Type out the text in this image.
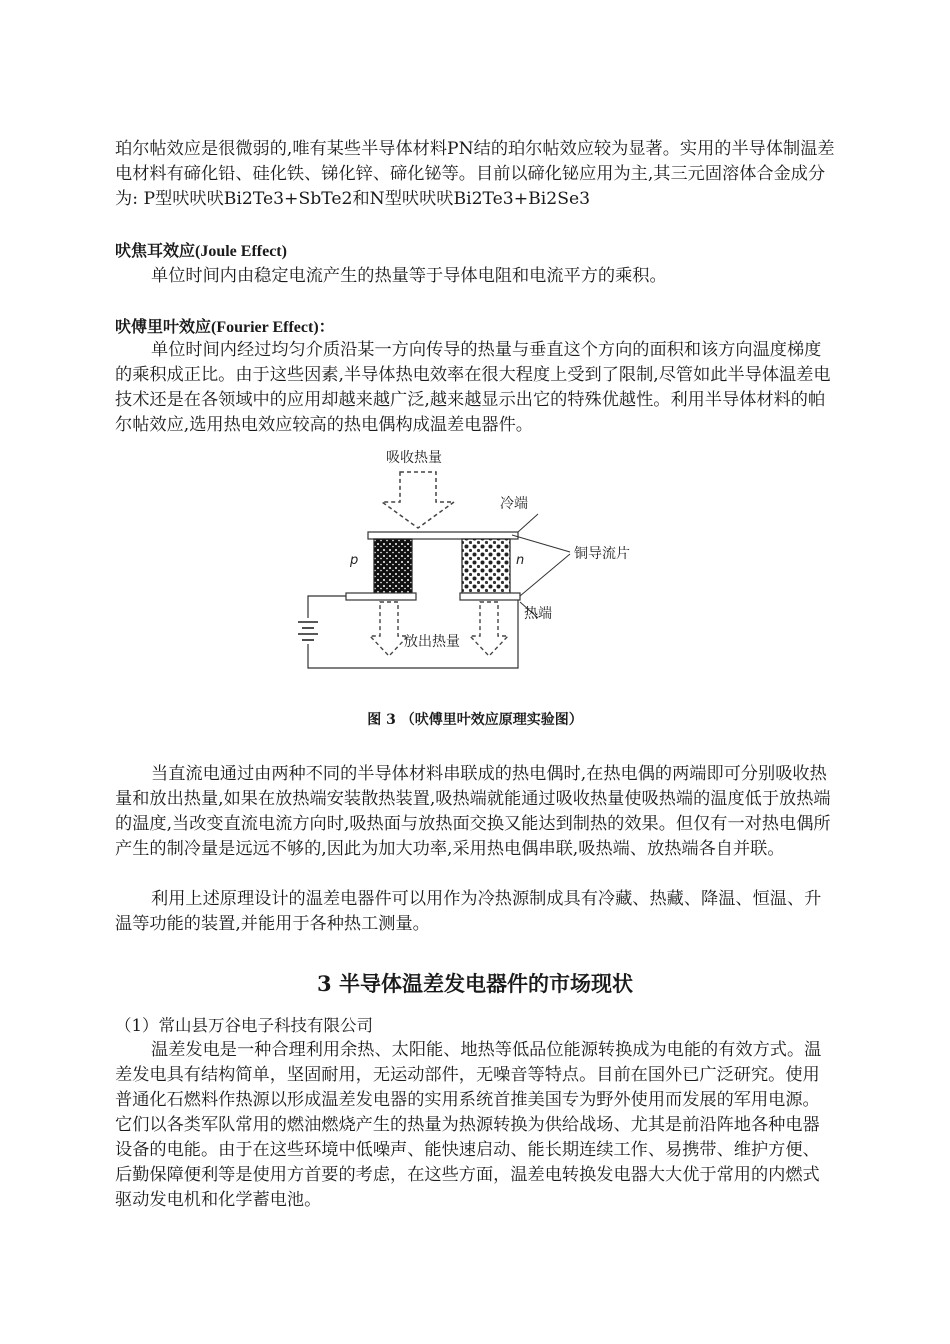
珀尔帖效应是很微弱的,唯有某些半导体材料PN结的珀尔帖效应较为显著。实用的半导体制温差电材料有碲化铅、硅化铁、锑化锌、碲化铋等。目前以碲化铋应用为主,其三元固溶体合金成分为: P型吠吠吠Bi2Te3+SbTe2和N型吠吠吠Bi2Te3+Bi2Se3

吠焦耳效应(Joule Effect)

单位时间内由稳定电流产生的热量等于导体电阻和电流平方的乘积。

吠傅里叶效应(Fourier Effect)：

单位时间内经过均匀介质沿某一方向传导的热量与垂直这个方向的面积和该方向温度梯度的乘积成正比。由于这些因素,半导体热电效率在很大程度上受到了限制,尽管如此半导体温差电技术还是在各领域中的应用却越来越广泛,越来越显示出它的特殊优越性。利用半导体材料的帕尔帖效应,选用热电效应较高的热电偶构成温差电器件。

吸收热量
冷端
p	n	铜导流片
热端
放出热量

图 3 （吠傅里叶效应原理实验图）

当直流电通过由两种不同的半导体材料串联成的热电偶时,在热电偶的两端即可分别吸收热量和放出热量,如果在放热端安装散热装置,吸热端就能通过吸收热量使吸热端的温度低于放热端的温度,当改变直流电流方向时,吸热面与放热面交换又能达到制热的效果。但仅有一对热电偶所产生的制冷量是远远不够的,因此为加大功率,采用热电偶串联,吸热端、放热端各自并联。

利用上述原理设计的温差电器件可以用作为冷热源制成具有冷藏、热藏、降温、恒温、升温等功能的装置,并能用于各种热工测量。

3 半导体温差发电器件的市场现状

（1）常山县万谷电子科技有限公司

温差发电是一种合理利用余热、太阳能、地热等低品位能源转换成为电能的有效方式。温差发电具有结构简单，坚固耐用，无运动部件，无噪音等特点。目前在国外已广泛研究。使用普通化石燃料作热源以形成温差发电器的实用系统首推美国专为野外使用而发展的军用电源。它们以各类军队常用的燃油燃烧产生的热量为热源转换为供给战场、尤其是前沿阵地各种电器设备的电能。由于在这些环境中低噪声、能快速启动、能长期连续工作、易携带、维护方便、后勤保障便利等是使用方首要的考虑，在这些方面，温差电转换发电器大大优于常用的内燃式驱动发电机和化学蓄电池。
